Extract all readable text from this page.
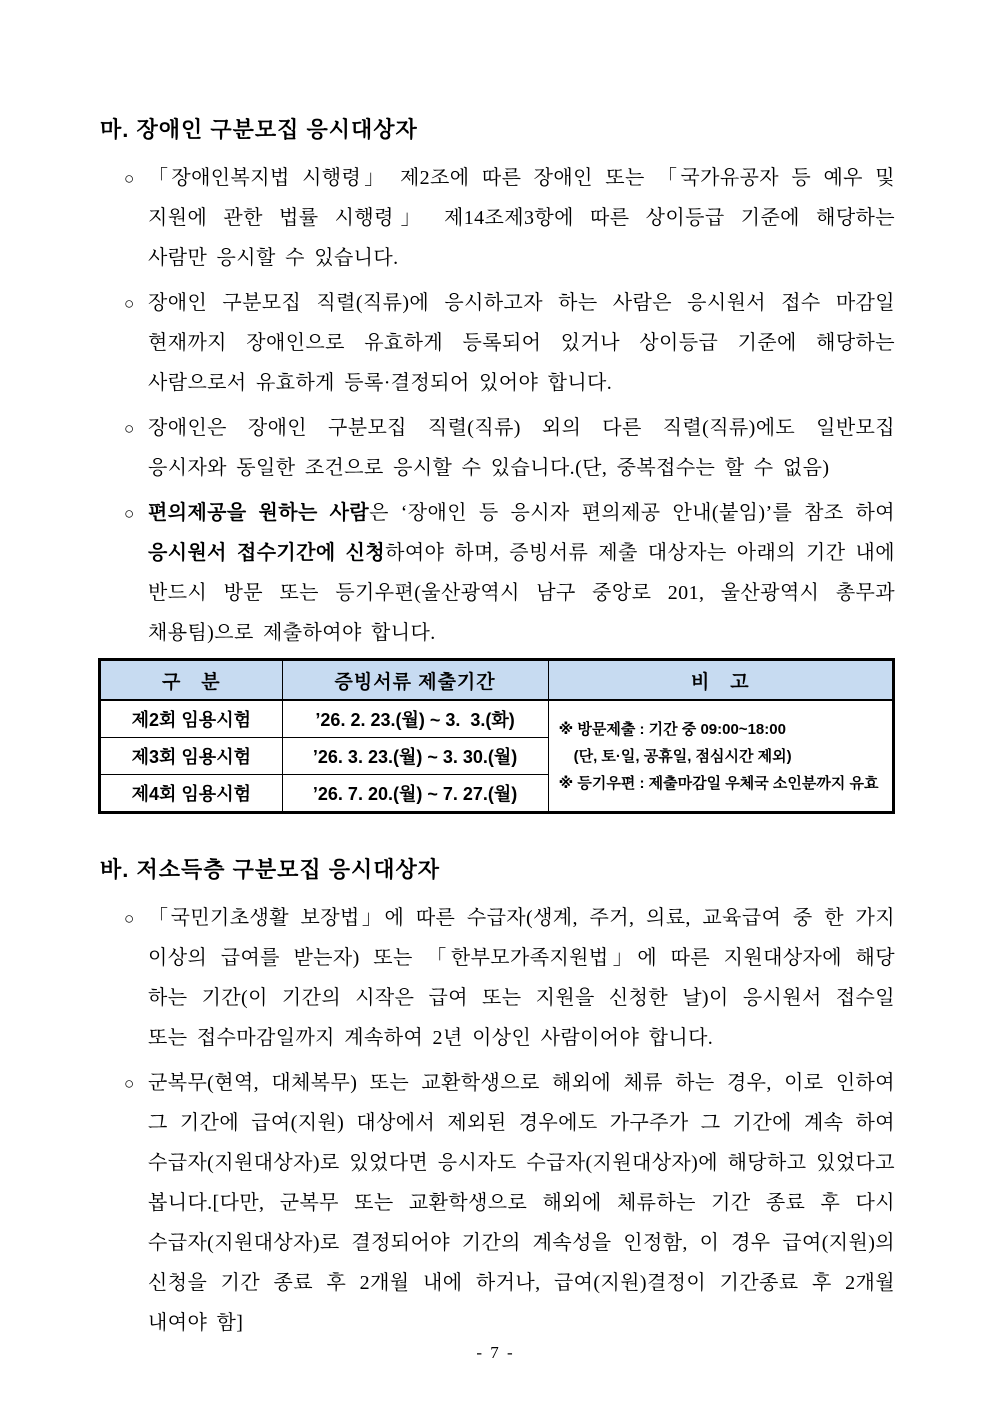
마. 장애인 구분모집 응시대상자

○ 「장애인복지법 시행령」 제2조에 따른 장애인 또는 「국가유공자 등 예우 및 지원에 관한 법률 시행령」 제14조제3항에 따른 상이등급 기준에 해당하는 사람만 응시할 수 있습니다.

○ 장애인 구분모집 직렬(직류)에 응시하고자 하는 사람은 응시원서 접수 마감일 현재까지 장애인으로 유효하게 등록되어 있거나 상이등급 기준에 해당하는 사람으로서 유효하게 등록·결정되어 있어야 합니다.

○ 장애인은 장애인 구분모집 직렬(직류) 외의 다른 직렬(직류)에도 일반모집 응시자와 동일한 조건으로 응시할 수 있습니다.(단, 중복접수는 할 수 없음)

○ 편의제공을 원하는 사람은 ‘장애인 등 응시자 편의제공 안내(붙임)’를 참조 하여 응시원서 접수기간에 신청하여야 하며, 증빙서류 제출 대상자는 아래의 기간 내에 반드시 방문 또는 등기우편(울산광역시 남구 중앙로 201, 울산광역시 총무과 채용팀)으로 제출하여야 합니다.

구　분	증빙서류 제출기간	비　고
제2회 임용시험	’26. 2. 23.(월) ~ 3.  3.(화)	※ 방문제출 : 기간 중 09:00~18:00
(단, 토·일, 공휴일, 점심시간 제외)
※ 등기우편 : 제출마감일 우체국 소인분까지 유효

제3회 임용시험	’26. 3. 23.(월) ~ 3. 30.(월)	
제4회 임용시험	’26. 7. 20.(월) ~ 7. 27.(월)	
바. 저소득층 구분모집 응시대상자

○ 「국민기초생활 보장법」에 따른 수급자(생계, 주거, 의료, 교육급여 중 한 가지 이상의 급여를 받는자) 또는 「한부모가족지원법」에 따른 지원대상자에 해당 하는 기간(이 기간의 시작은 급여 또는 지원을 신청한 날)이 응시원서 접수일 또는 접수마감일까지 계속하여 2년 이상인 사람이어야 합니다.

○ 군복무(현역, 대체복무) 또는 교환학생으로 해외에 체류 하는 경우, 이로 인하여 그 기간에 급여(지원) 대상에서 제외된 경우에도 가구주가 그 기간에 계속 하여 수급자(지원대상자)로 있었다면 응시자도 수급자(지원대상자)에 해당하고 있었다고 봅니다.[다만, 군복무 또는 교환학생으로 해외에 체류하는 기간 종료 후 다시 수급자(지원대상자)로 결정되어야 기간의 계속성을 인정함, 이 경우 급여(지원)의 신청을 기간 종료 후 2개월 내에 하거나, 급여(지원)결정이 기간종료 후 2개월 내여야 함]

- 7 -
